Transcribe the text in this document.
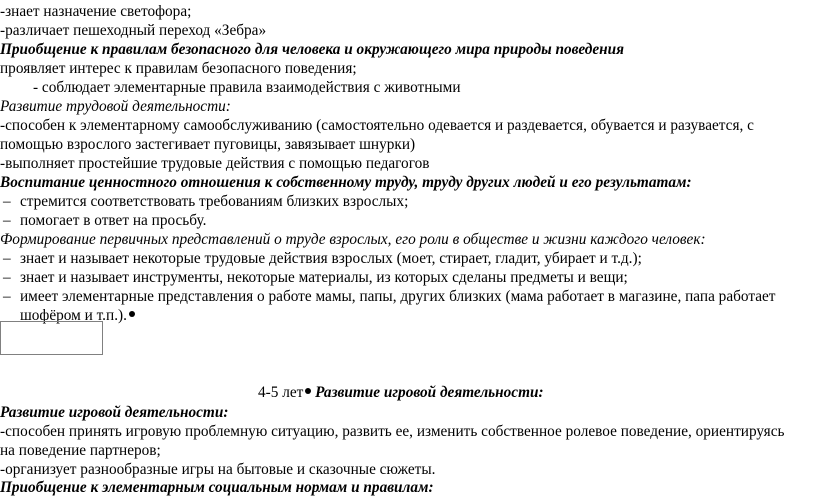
-знает назначение светофора;
-различает пешеходный переход «Зебра»
Приобщение к правилам безопасного для человека и окружающего мира природы поведения
проявляет интерес к правилам безопасного поведения;
- соблюдает элементарные правила взаимодействия с животными
Развитие трудовой деятельности:
-способен к элементарному самообслуживанию (самостоятельно одевается и раздевается, обувается и разувается, с
помощью взрослого застегивает пуговицы, завязывает шнурки)
-выполняет простейшие трудовые действия с помощью педагогов
Воспитание ценностного отношения к собственному труду, труду других людей и его результатам:
– стремится соответствовать требованиям близких взрослых;
– помогает в ответ на просьбу.
Формирование первичных представлений о труде взрослых, его роли в обществе и жизни каждого человек:
– знает и называет некоторые трудовые действия взрослых (моет, стирает, гладит, убирает и т.д.);
– знает и называет инструменты, некоторые материалы, из которых сделаны предметы и вещи;
– имеет элементарные представления о работе мамы, папы, других близких (мама работает в магазине, папа работает
шофёром и т.п.).
4-5 лет Развитие игровой деятельности:
Развитие игровой деятельности:
-способен принять игровую проблемную ситуацию, развить ее, изменить собственное ролевое поведение, ориентируясь
на поведение партнеров;
-организует разнообразные игры на бытовые и сказочные сюжеты.
Приобщение к элементарным социальным нормам и правилам:
